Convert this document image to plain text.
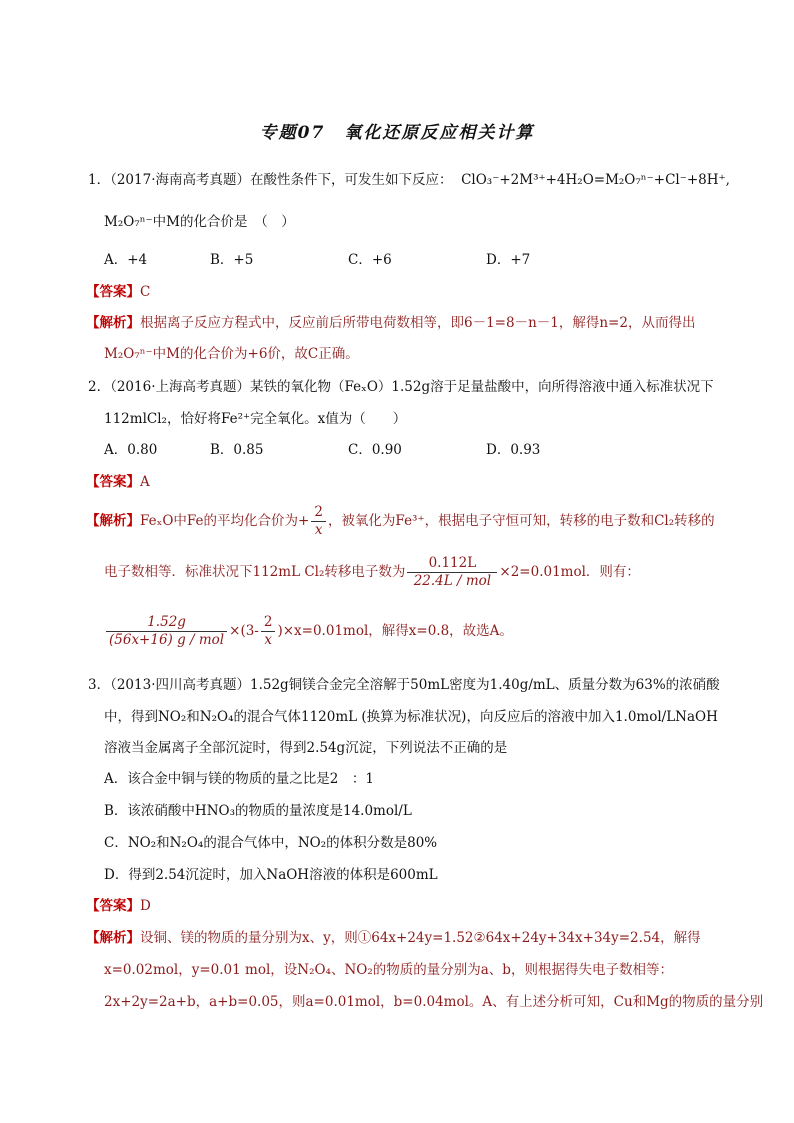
专题07　氧化还原反应相关计算
1．（2017·海南高考真题）在酸性条件下，可发生如下反应： ClO₃⁻+2M³⁺+4H₂O=M₂O₇ⁿ⁻+Cl⁻+8H⁺,
M₂O₇ⁿ⁻中M的化合价是　（　）
A．+4	B．+5	C．+6	D．+7
【答案】C
【解析】根据离子反应方程式中，反应前后所带电荷数相等，即6－1=8－n－1，解得n=2，从而得出
M₂O₇ⁿ⁻中M的化合价为+6价，故C正确。
2．（2016·上海高考真题）某铁的氧化物（FeₓO）1.52g溶于足量盐酸中，向所得溶液中通入标准状况下
112mlCl₂，恰好将Fe²⁺完全氧化。x值为（　　）
A．0.80	B．0.85	C．0.90	D．0.93
【答案】A
【解析】FeₓO中Fe的平均化合价为+ $\frac{2}{x}$ ，被氧化为Fe³⁺，根据电子守恒可知，转移的电子数和Cl₂转移的
电子数相等．标准状况下112mL Cl₂转移电子数为 $\frac{0.112L}{\text{22.4L / mol}} \times 2=0.01mol$．则有：
$\frac{1.52g}{\text{(56x+16) g / mol}} \times(3- \frac{2}{x} )\times x=0.01mol$，解得x=0.8，故选A。
3．（2013·四川高考真题）1.52g铜镁合金完全溶解于50mL密度为1.40g/mL、质量分数为63%的浓硝酸
中，得到NO₂和N₂O₄的混合气体1120mL (换算为标准状况)，向反应后的溶液中加入1.0mol/LNaOH
溶液当金属离子全部沉淀时，得到2.54g沉淀，下列说法不正确的是
A．该合金中铜与镁的物质的量之比是2　：1
B．该浓硝酸中HNO₃的物质的量浓度是14.0mol/L
C．NO₂和N₂O₄的混合气体中，NO₂的体积分数是80%
D．得到2.54沉淀时，加入NaOH溶液的体积是600mL
【答案】D
【解析】设铜、镁的物质的量分别为x、y，则①64x+24y=1.52②64x+24y+34x+34y=2.54，解得
x=0.02mol，y=0.01 mol，设N₂O₄、NO₂的物质的量分别为a、b，则根据得失电子数相等：
2x+2y=2a+b，a+b=0.05，则a=0.01mol，b=0.04mol。A、有上述分析可知，Cu和Mg的物质的量分别
